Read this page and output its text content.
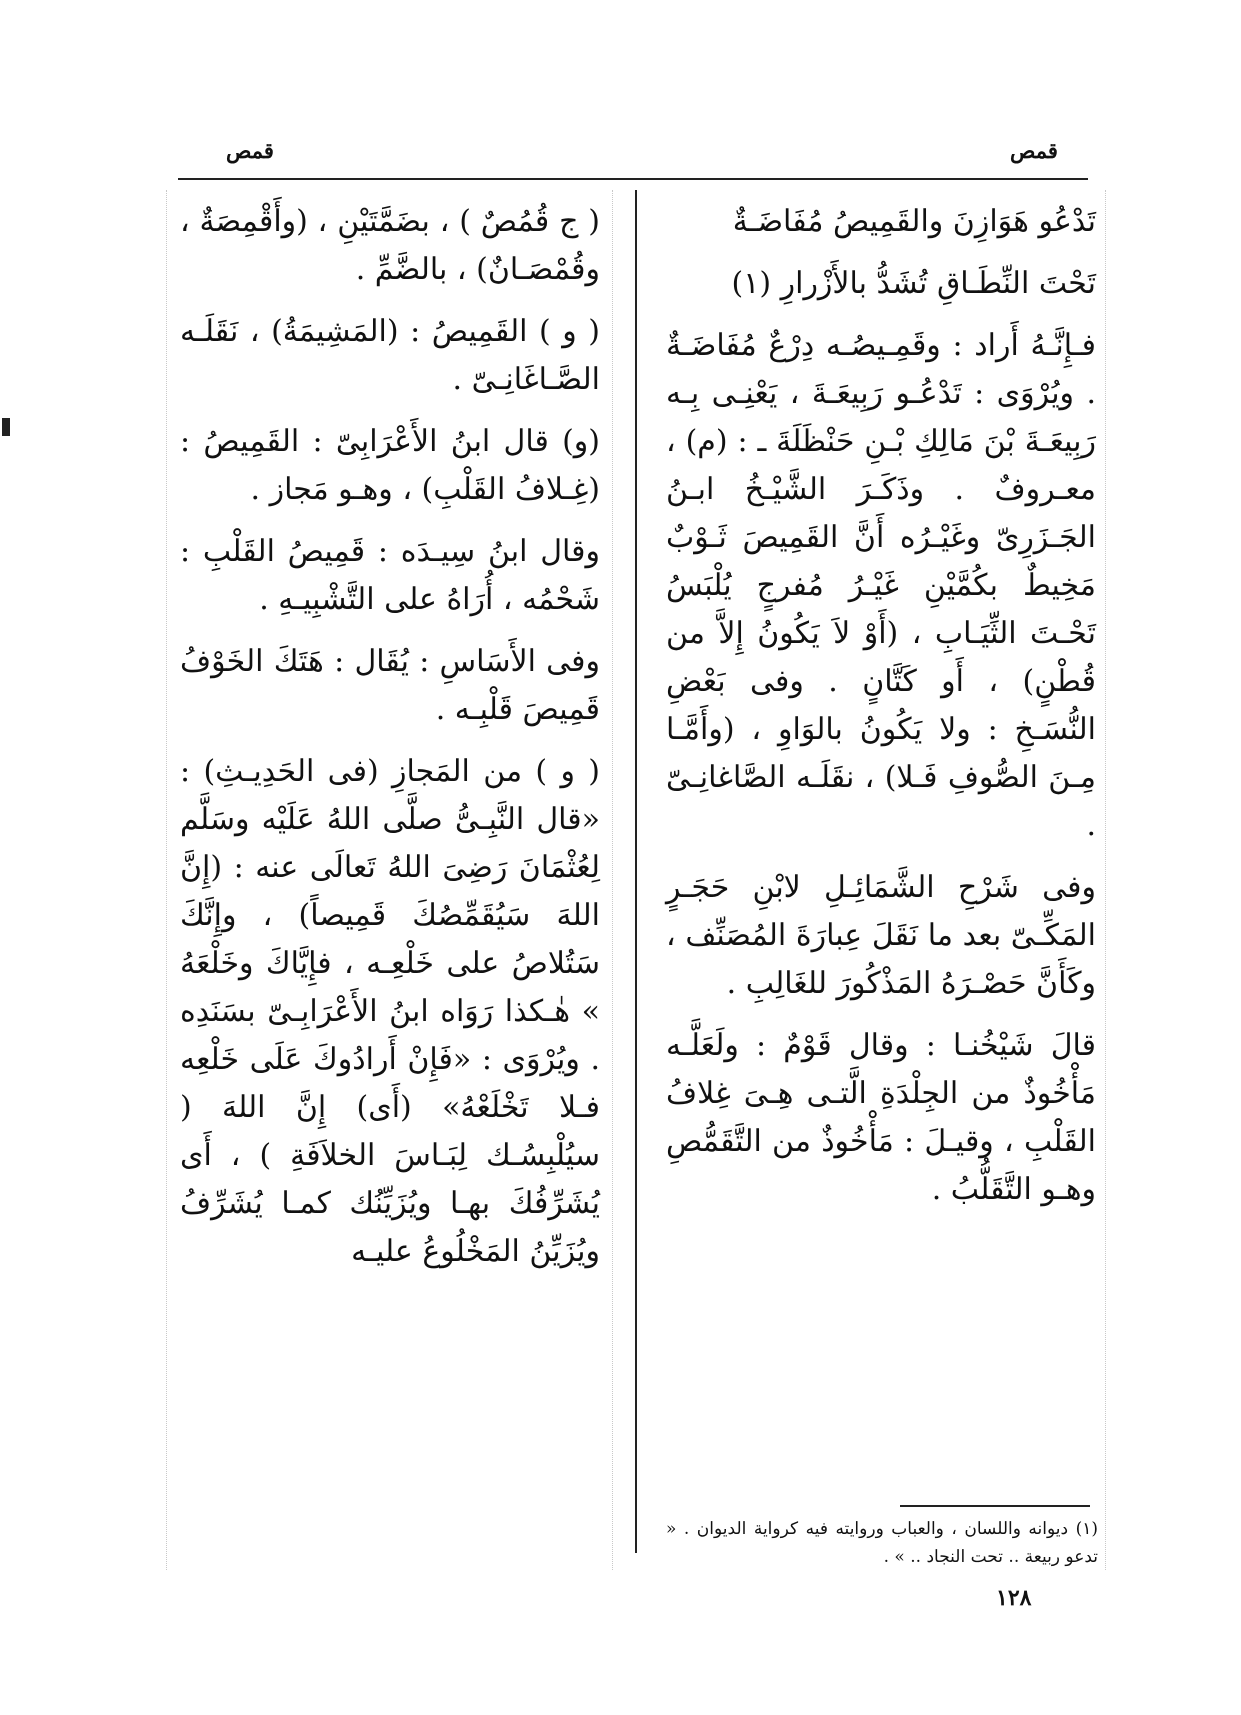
قمص
قمص
تَدْعُو هَوَازِنَ والقَمِيصُ مُفَاضَـةٌ
تَحْتَ النِّطَـاقِ تُشَدُّ بالأَزْرارِ (١)

فـإِنَّـهُ أَراد : وقَمِـيصُـه دِرْعٌ مُفَاضَـةٌ . ويُرْوَى : تَدْعُـو رَبِيعَـةَ ، يَعْنِـى بِـه رَبِيعَـةَ بْنَ مَالِكِ بْـنِ حَنْظَلَةَ ـ : (م) ، معـروفٌ . وذَكَـرَ الشَّيْـخُ ابـنُ الجَـزَرِىّ وغَيْـرُه أَنَّ القَمِيصَ ثَـوْبٌ مَخِيطٌ بكُمَّيْنِ غَيْـرُ مُفرجٍ يُلْبَسُ تَحْـتَ الثِّيَـابِ ، (أَوْ لاَ يَكُونُ إِلاَّ من قُطْنٍ) ، أَو كَتَّانٍ . وفى بَعْضِ النُّسَـخِ : ولا يَكُونُ بالوَاوِ ، (وأَمَّـا مِـنَ الصُّوفِ فَـلا) ، نقَلَـه الصَّاغانِـىّ .

وفى شَرْحِ الشَّمَائِـلِ لابْنِ حَجَـرٍ المَكِّـىّ بعد ما نَقَلَ عِبارَةَ المُصَنِّف ، وكَأَنَّ حَصْـرَهُ المَذْكُورَ للغَالِبِ .

قالَ شَيْخُنـا : وقال قَوْمٌ : ولَعَلَّـه مَأْخُوذٌ من الجِلْدَةِ الَّتـى هِـىَ غِلافُ القَلْبِ ، وقيـلَ : مَأْخُوذٌ من التَّقَمُّصِ وهـو التَّقَلُّبُ .

( ج قُمُصٌ ) ، بضَمَّتَيْنِ ، (وأَقْمِصَةٌ ، وقُمْصَـانٌ) ، بالضَّمِّ .

( و ) القَمِيصُ : (المَشِيمَةُ) ، نَقَلَـه الصَّـاغَانِـىّ .

(و) قال ابنُ الأَعْرَابِىّ : القَمِيصُ : (غِـلافُ القَلْبِ) ، وهـو مَجاز .

وقال ابنُ سِيـدَه : قَمِيصُ القَلْبِ : شَحْمُه ، أُرَاهُ على التَّشْبِيـهِ .

وفى الأَسَاسِ : يُقَال : هَتَكَ الخَوْفُ قَمِيصَ قَلْبِـه .

( و ) من المَجازِ (فى الحَدِيـثِ) : «قال النَّبِـىُّ صلَّى اللهُ عَلَيْه وسَلَّم لِعُثْمَانَ رَضِىَ اللهُ تَعالَى عنه : (إِنَّ اللهَ سَيُقَمِّصُكَ قَمِيصاً) ، وإِنَّكَ سَتُلاصُ على خَلْعِـه ، فإِيَّاكَ وخَلْعَهُ » هٰـكذا رَوَاه ابنُ الأَعْرَابِـىّ بسَنَدِه . ويُرْوَى : «فَإِنْ أَرادُوكَ عَلَى خَلْعِه فـلا تَخْلَعْهُ» (أَى) إِنَّ اللهَ ( سيُلْبِسُـك لِبَـاسَ الخلاَفَةِ ) ، أَى يُشَرِّفُكَ بهـا ويُزَيِّنُك كمـا يُشَرِّفُ ويُزَيِّنُ المَخْلُوعُ عليـه

(١) ديوانه واللسان ، والعباب وروايته فيه كرواية الديوان . « تدعو ربيعة .. تحت النجاد .. » .
١٢٨
